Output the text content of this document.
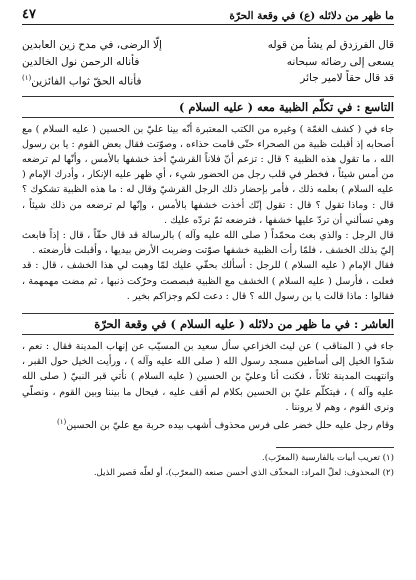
ما ظهر من دلائله (ع) في وقعة الحرّة
٤٧
قال الفرزدق لم يشأ من قوله
إلّا الرضى، في مدح زين العابدين
يسعى إلى رضائه سبحانه
فأناله الرحمن نول الخالدين
قد قال حقاً لامير جائر
فأناله الحقّ ثواب الفائزين$^{(١)}$
التاسع : في تكلّم الظبية معه ( عليه السلام )

جاء في ( كشف الغمّة ) وغيره من الكتب المعتبرة أنّه بينا عليّ بن الحسين ( عليه السلام ) مع أصحابه إذ أقبلت ظبية من الصحراء حتّى قامت حذاءه ، وصوّتت فقال بعض القوم : يا بن رسول الله ، ما تقول هذه الظبية ؟ قال : تزعم أنّ فلاناً القرشيّ أخذ خشفها بالأمس ، وأنّها لم ترضعه من أمس شيئاً ، فخطر في قلب رجل من الحضور شيء ، أي ظهر عليه الإنكار ، وأدرك الإمام ( عليه السلام ) بعلمه ذلك ، فأمر بإحضار ذلك الرجل القرشيّ وقال له : ما هذه الظبية تشكوك ؟ قال : وماذا تقول ؟ قال : تقول إنّك أخذت خشفها بالأمس ، وإنّها لم ترضعه من ذلك شيئاً ، وهي تسألني أن تردّ عليها خشفها ، فترضعه ثمّ تردّه عليك .

قال الرجل : والذي بعث محمّداً ( صلى الله عليه وآله ) بالرسالة قد قال حقّاً ، قال : إذاً فابعث إليّ بذلك الخشف ، فلمّا رأت الظبية خشفها صوّتت وضربت الأرض بيديها ، وأقبلت فأرضعته .

فقال الإمام ( عليه السلام ) للرجل : أسألك بحقّي عليك لمّا وهبت لي هذا الخشف ، قال : قد فعلت ، فأرسل ( عليه السلام ) الخشف مع الظبية فبصصت وحرّكت ذنبها ، ثم مضت مهمهمة ، فقالوا : ماذا قالت يا بن رسول الله ؟ قال : دعت لكم وجزاكم بخير .

العاشر : في ما ظهر من دلائله ( عليه السلام ) في وقعة الحرّة

جاء في ( المناقب ) عن ليث الخزاعي سأل سعيد بن المسيّب عن إنهاب المدينة فقال : نعم ، شدّوا الخيل إلى أساطين مسجد رسول الله ( صلى الله عليه وآله ) ، ورأيت الخيل حول القبر ، وانتهبت المدينة ثلاثاً ، فكنت أنا وعليّ بن الحسين ( عليه السلام ) نأتي قبر النبيّ ( صلى الله عليه وآله ) ، فيتكلّم عليّ بن الحسين بكلام لم أقف عليه ، فيحال ما بيننا وبين القوم ، ونصلّي ونرى القوم ، وهم لا يروننا .

وقام رجل عليه حلل خضر على فرس محذوف أشهب بيده حربة مع عليّ بن الحسين$^{(١)}$

(١) تعريب أبيات بالفارسية (المعرّب).
(٢) المحذوف: لعلّ المراد: المحذّف الذي أحسن صنعه (المعرّب)، أو لعلّه قصير الذيل.
